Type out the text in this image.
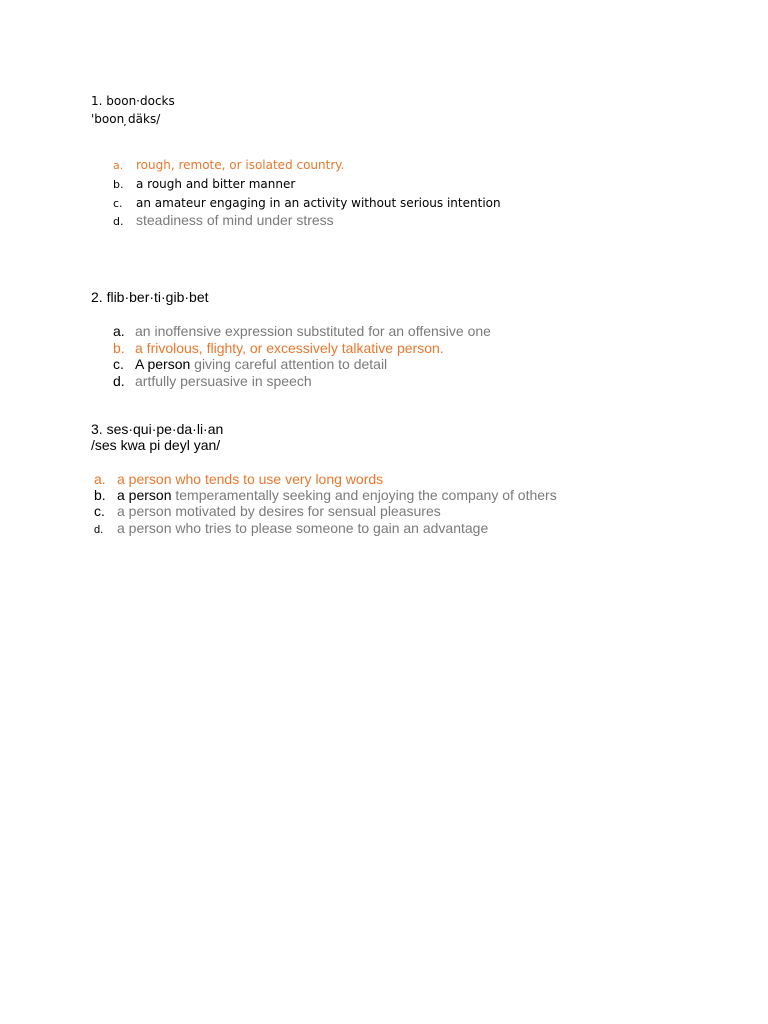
1. boon·docks
'boon ̦däks/
a. rough, remote, or isolated country.
b. a rough and bitter manner
c. an amateur engaging in an activity without serious intention
d. steadiness of mind under stress
2. flib·ber·ti·gib·bet
a. an inoffensive expression substituted for an offensive one
b. a frivolous, flighty, or excessively talkative person.
c. A person giving careful attention to detail
d. artfully persuasive in speech
3. ses·qui·pe·da·li·an
/ses kwa pi deyl yan/
a. a person who tends to use very long words
b. a person temperamentally seeking and enjoying the company of others
c. a person motivated by desires for sensual pleasures
d. a person who tries to please someone to gain an advantage
